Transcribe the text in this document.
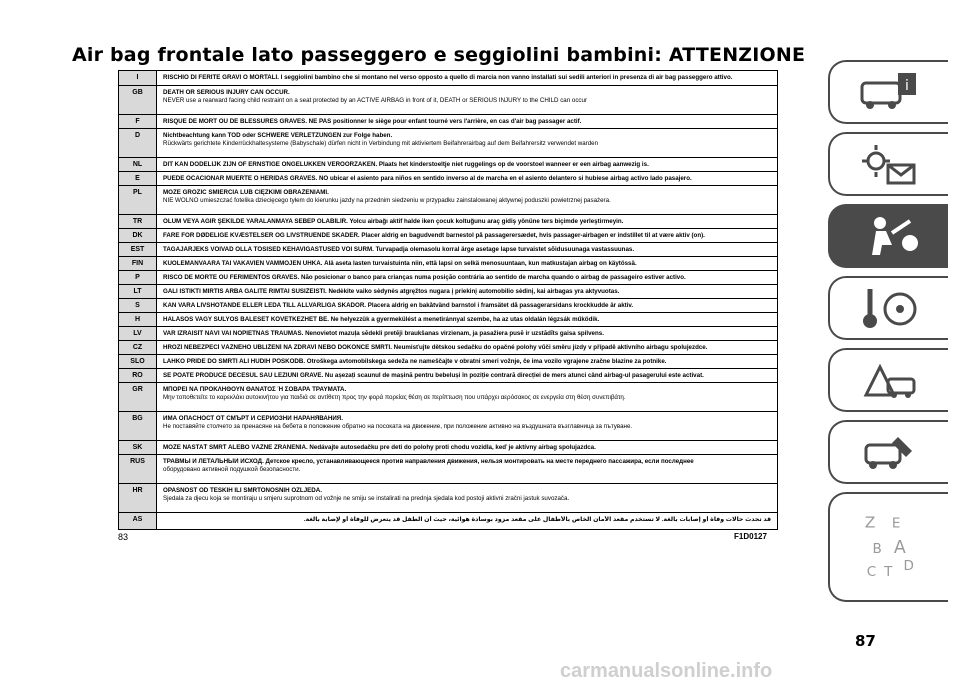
Air bag frontale lato passeggero e seggiolini bambini: ATTENZIONE
I	RISCHIO DI FERITE GRAVI O MORTALI. I seggiolini bambino che si montano nel verso opposto a quello di marcia non vanno installati sui sedili anteriori in presenza di air bag passeggero attivo.
GB	DEATH OR SERIOUS INJURY CAN OCCUR.
NEVER use a rearward facing child restraint on a seat protected by an ACTIVE AIRBAG in front of it, DEATH or SERIOUS INJURY to the CHILD can occur
F	RISQUE DE MORT OU DE BLESSURES GRAVES. NE PAS positionner le siège pour enfant tourné vers l'arrière, en cas d'air bag passager actif.
D	Nichtbeachtung kann TOD oder SCHWERE VERLETZUNGEN zur Folge haben.
Rückwärts gerichtete Kinderrückhaltesysteme (Babyschale) dürfen nicht in Verbindung mit aktiviertem Beifahrerairbag auf dem Beifahrersitz verwendet warden
NL	DIT KAN DODELIJK ZIJN OF ERNSTIGE ONGELUKKEN VEROORZAKEN. Plaats het kinderstoeltje niet ruggelings op de voorstoel wanneer er een airbag aanwezig is.
E	PUEDE OCACIONAR MUERTE O HERIDAS GRAVES. NO ubicar el asiento para niños en sentido inverso al de marcha en el asiento delantero si hubiese airbag activo lado pasajero.
PL	MOŻE GROZIĆ ŚMIERCIA LUB CIĘŻKIMI OBRAŻENIAMI.
NIE WOLNO umieszczać fotelika dziecięcego tyłem do kierunku jazdy na przednim siedzeniu w przypadku zainstalowanej aktywnej poduszki powietrznej pasażera.
TR	ÖLÜM VEYA AĞIR ŞEKİLDE YARALANMAYA SEBEP OLABİLİR. Yolcu airbağı aktif halde iken çocuk koltuğunu araç gidiş yönüne ters biçimde yerleştirmeyin.
DK	FARE FOR DØDELIGE KVÆSTELSER OG LIVSTRUENDE SKADER. Placer aldrig en bagudvendt barnestol på passagerersædet, hvis passager-airbagen er indstillet til at være aktiv (on).
EST	TAGAJÄRJEKS VÕIVAD OLLA TÕSISED KEHAVIGASTUSED VÕI SURM. Turvapadja olemasolu korral ärge asetage lapse turvaistet sõidusuunaga vastassuunas.
FIN	KUOLEMANVAARA TAI VAKAVIEN VAMMOJEN UHKA. Älä aseta lasten turvaistuinta niin, että lapsi on selkä menosuuntaan, kun matkustajan airbag on käytössä.
P	RISCO DE MORTE OU FERIMENTOS GRAVES. Não posicionar o banco para crianças numa posição contrária ao sentido de marcha quando o airbag de passageiro estiver activo.
LT	GALI IŠTIKTI MIRTIS ARBA GALITE RIMTAI SUSIŽEISTI. Nedėkite vaiko sėdynės atgręžtos nugara į priekinį automobilio sėdinį, kai airbagas yra aktyvuotas.
S	KAN VARA LIVSHOTANDE ELLER LEDA TILL ALLVARLIGA SKADOR. Placera aldrig en bakåtvänd barnstol i framsätet då passagerarsidans krockkudde är aktiv.
H	HALÁSOS VAGY SÚLYOS BALESET KÖVETKEZHET BE. Ne helyezzük a gyermekülést a menetiránnyal szembe, ha az utas oldalán légzsák működik.
LV	VAR IZRAISĪT NĀVI VAI NOPIETNAS TRAUMAS. Nenovietot mazuļa sēdekli pretēji braukšanas virzienam, ja pasažiera pusē ir uzstādīts gaisa spilvens.
CZ	HROZÍ NEBEZPEČÍ VÁŽNÉHO ÚBLIŽENÍ NA ZDRAVÍ NEBO DOKONCE SMRTI. Neumisťujte dětskou sedačku do opačné polohy vůči směru jízdy v případě aktivního airbagu spolujezdce.
SLO	LAHKO PRIDE DO SMRTI ALI HUDIH POŠKODB. Otroškega avtomobilskega sedeža ne nameščajte v obratni smeri vožnje, če ima vozilo vgrajene zračne blazine za potnike.
RO	SE POATE PRODUCE DECESUL SAU LEZIUNI GRAVE. Nu așezați scaunul de mașină pentru bebeluși în poziție contrară direcției de mers atunci când airbag-ul pasagerului este activat.
GR	ΜΠΟΡΕΙ ΝΑ ΠΡΟΚΛΗΘΟΥΝ ΘΑΝΑΤΟΣ Ή ΣΟΒΑΡΑ ΤΡΑΥΜΑΤΑ.
Μην τοποθετείτε το καρεκλάκι αυτοκινήτου για παιδιά σε αντίθετη προς την φορά πορείας θέση σε περίπτωση που υπάρχει αερόσακος σε ενεργεία στη θέση συνεπιβάτη.
BG	ИМА ОПАСНОСТ ОТ СМЪРТ И СЕРИОЗНИ НАРАНЯВАНИЯ.
Не поставяйте столчето за пренасяне на бебета в положение обратно на посоката на движение, при положение активно на въздушната възглавница за пътуване.
SK	MÔŽE NASTAŤ SMRŤ ALEBO VÁŽNE ZRANENIA. Nedávajte autosedačku pre deti do polohy proti chodu vozidla, keď je aktívny airbag spolujazdca.
RUS	ТРАВМЫ И ЛЕТАЛЬНЫЙ ИСХОД. Детское кресло, устанавливающееся против направления движения, нельзя монтировать на месте переднего пассажира, если последнее
оборудовано активной подушкой безопасности.
HR	OPASNOST OD TEŠKIH ILI SMRTONOSNIH OZLJEDA.
Sjedala za djecu koja se montiraju u smjeru suprotnom od vožnje ne smiju se instalirati na prednja sjedala kod postoji aktivni zračni jastuk suvozača.
AS	قد تحدث حالات وفاة أو إصابات بالغة. لا تستخدم مقعد الأمان الخاص بالأطفال على مقعد مزود بوسادة هوائية، حيث أن الطفل قد يتعرض للوفاة أو لإصابة بالغة.
83	F1D0127
i
Z E
B A
C T D
87
carmanualsonline.info
